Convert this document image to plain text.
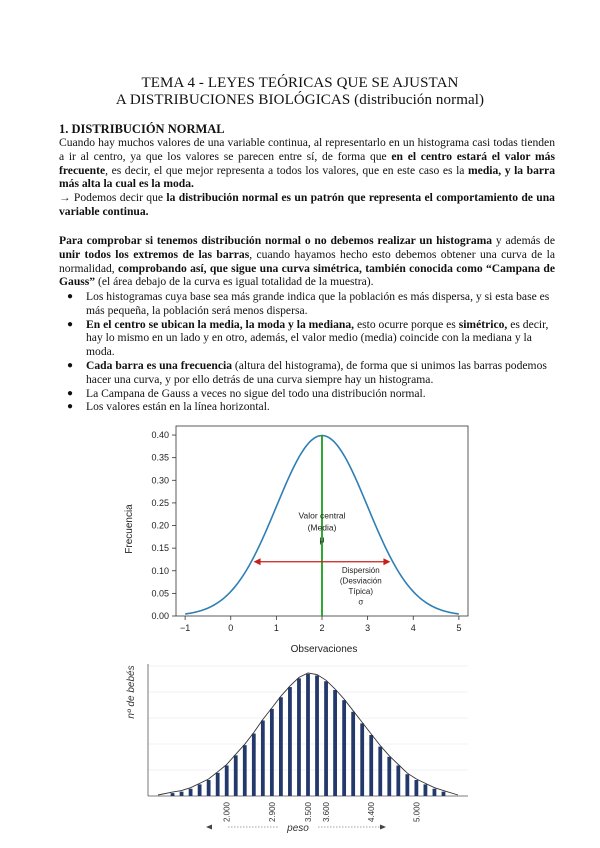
TEMA 4 - LEYES TEÓRICAS QUE SE AJUSTAN
A DISTRIBUCIONES BIOLÓGICAS (distribución normal)
1. DISTRIBUCIÓN NORMAL
Cuando hay muchos valores de una variable continua, al representarlo en un histograma casi todas tienden a ir al centro, ya que los valores se parecen entre sí, de forma que en el centro estará el valor más frecuente, es decir, el que mejor representa a todos los valores, que en este caso es la media, y la barra más alta la cual es la moda.
→ Podemos decir que la distribución normal es un patrón que representa el comportamiento de una variable continua.
Para comprobar si tenemos distribución normal o no debemos realizar un histograma y además de unir todos los extremos de las barras, cuando hayamos hecho esto debemos obtener una curva de la normalidad, comprobando así, que sigue una curva simétrica, también conocida como “Campana de Gauss” (el área debajo de la curva es igual totalidad de la muestra).
● Los histogramas cuya base sea más grande indica que la población es más dispersa, y si esta base es más pequeña, la población será menos dispersa.
● En el centro se ubican la media, la moda y la mediana, esto ocurre porque es simétrico, es decir, hay lo mismo en un lado y en otro, además, el valor medio (media) coincide con la mediana y la moda.
● Cada barra es una frecuencia (altura del histograma), de forma que si unimos las barras podemos hacer una curva, y por ello detrás de una curva siempre hay un histograma.
● La Campana de Gauss a veces no sigue del todo una distribución normal.
● Los valores están en la línea horizontal.
0.00
0.05
0.10
0.15
0.20
0.25
0.30
0.35
0.40
−1	0	1	2	3	4	5
Valor central
(Media)
μ
Dispersión
(Desviación
Típica)
σ
Frecuencia
Observaciones
2.000	2.900	3.500 3.600	4.400	5.000
nº de bebés
peso
